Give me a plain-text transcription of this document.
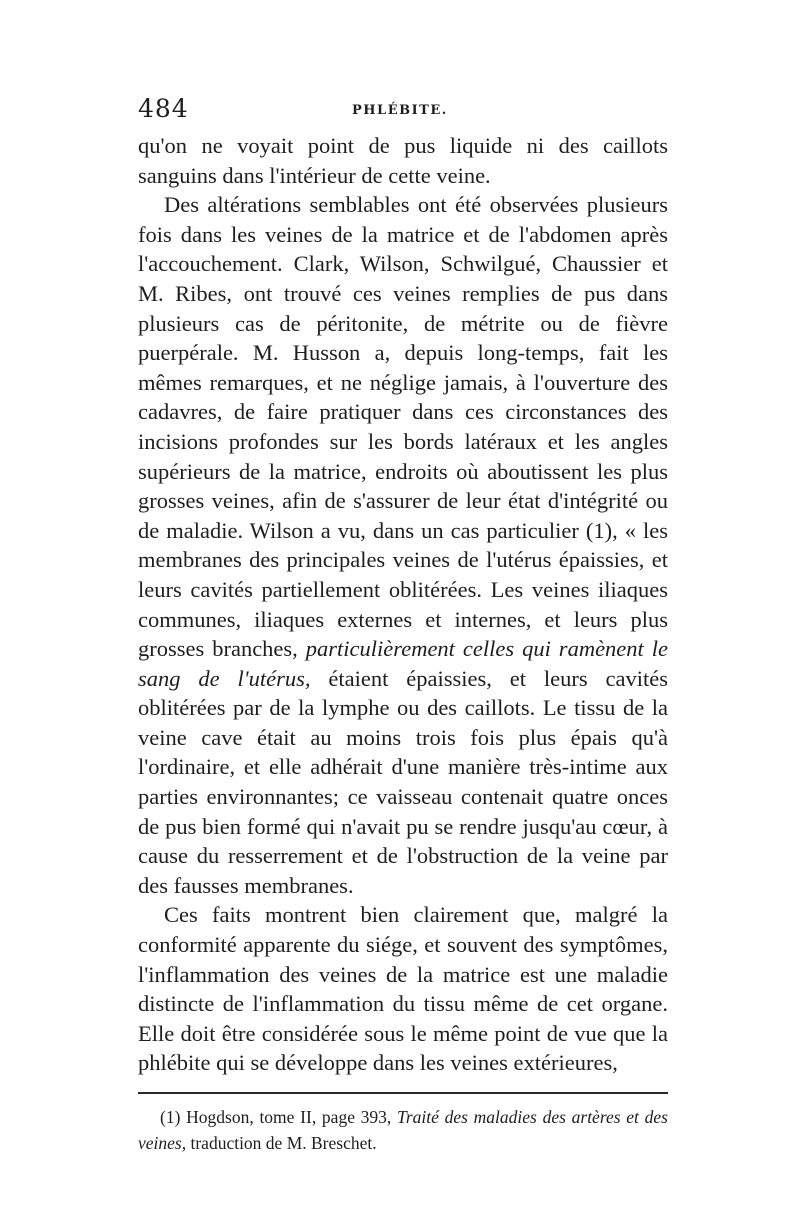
484	PHLÉBITE.

qu'on ne voyait point de pus liquide ni des caillots sanguins dans l'intérieur de cette veine.

Des altérations semblables ont été observées plusieurs fois dans les veines de la matrice et de l'abdomen après l'accouchement. Clark, Wilson, Schwilgué, Chaussier et M. Ribes, ont trouvé ces veines remplies de pus dans plusieurs cas de péritonite, de métrite ou de fièvre puerpérale. M. Husson a, depuis long-temps, fait les mêmes remarques, et ne néglige jamais, à l'ouverture des cadavres, de faire pratiquer dans ces circonstances des incisions profondes sur les bords latéraux et les angles supérieurs de la matrice, endroits où aboutissent les plus grosses veines, afin de s'assurer de leur état d'intégrité ou de maladie. Wilson a vu, dans un cas particulier (1), « les membranes des principales veines de l'utérus épaissies, et leurs cavités partiellement oblitérées. Les veines iliaques communes, iliaques externes et internes, et leurs plus grosses branches, particulièrement celles qui ramènent le sang de l'utérus, étaient épaissies, et leurs cavités oblitérées par de la lymphe ou des caillots. Le tissu de la veine cave était au moins trois fois plus épais qu'à l'ordinaire, et elle adhérait d'une manière très-intime aux parties environnantes; ce vaisseau contenait quatre onces de pus bien formé qui n'avait pu se rendre jusqu'au cœur, à cause du resserrement et de l'obstruction de la veine par des fausses membranes.

Ces faits montrent bien clairement que, malgré la conformité apparente du siége, et souvent des symptômes, l'inflammation des veines de la matrice est une maladie distincte de l'inflammation du tissu même de cet organe. Elle doit être considérée sous le même point de vue que la phlébite qui se développe dans les veines extérieures,

(1) Hogdson, tome II, page 393, Traité des maladies des artères et des veines, traduction de M. Breschet.
